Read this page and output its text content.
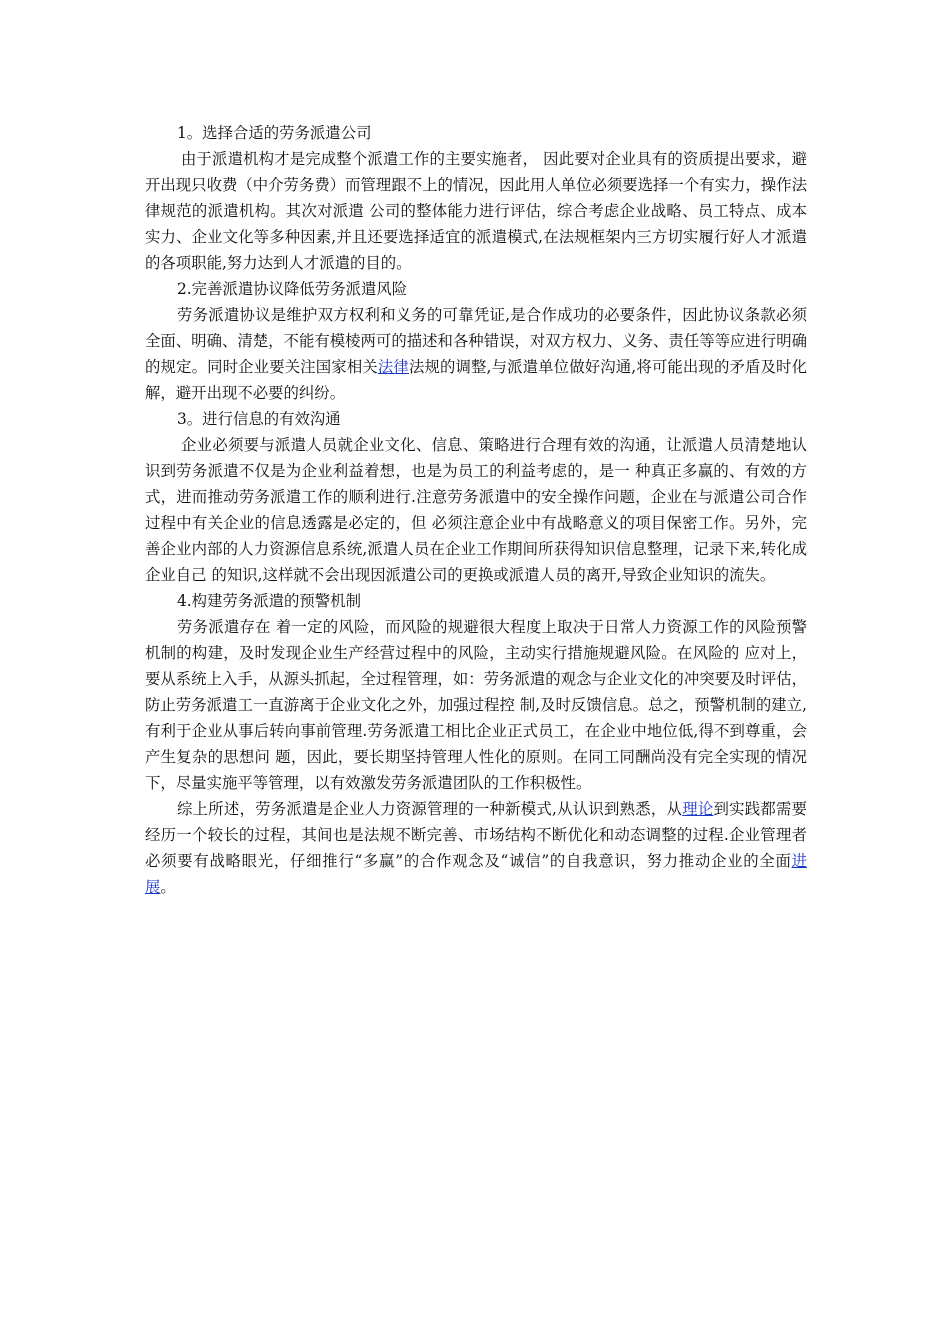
1。选择合适的劳务派遣公司

由于派遣机构才是完成整个派遣工作的主要实施者， 因此要对企业具有的资质提出要求，避开出现只收费（中介劳务费）而管理跟不上的情况，因此用人单位必须要选择一个有实力，操作法律规范的派遣机构。其次对派遣 公司的整体能力进行评估，综合考虑企业战略、员工特点、成本实力、企业文化等多种因素,并且还要选择适宜的派遣模式,在法规框架内三方切实履行好人才派遣 的各项职能,努力达到人才派遣的目的。

2.完善派遣协议降低劳务派遣风险

劳务派遣协议是维护双方权利和义务的可靠凭证,是合作成功的必要条件，因此协议条款必须全面、明确、清楚，不能有模棱两可的描述和各种错误，对双方权力、义务、责任等等应进行明确的规定。同时企业要关注国家相关法律法规的调整,与派遣单位做好沟通,将可能出现的矛盾及时化解，避开出现不必要的纠纷。

3。进行信息的有效沟通

企业必须要与派遣人员就企业文化、信息、策略进行合理有效的沟通，让派遣人员清楚地认识到劳务派遣不仅是为企业利益着想，也是为员工的利益考虑的，是一 种真正多赢的、有效的方式，进而推动劳务派遣工作的顺利进行.注意劳务派遣中的安全操作问题，企业在与派遣公司合作过程中有关企业的信息透露是必定的，但 必须注意企业中有战略意义的项目保密工作。另外，完善企业内部的人力资源信息系统,派遣人员在企业工作期间所获得知识信息整理，记录下来,转化成企业自己 的知识,这样就不会出现因派遣公司的更换或派遣人员的离开,导致企业知识的流失。

4.构建劳务派遣的预警机制

劳务派遣存在 着一定的风险，而风险的规避很大程度上取决于日常人力资源工作的风险预警机制的构建，及时发现企业生产经营过程中的风险，主动实行措施规避风险。在风险的 应对上，要从系统上入手，从源头抓起，全过程管理，如：劳务派遣的观念与企业文化的冲突要及时评估，防止劳务派遣工一直游离于企业文化之外，加强过程控 制,及时反馈信息。总之，预警机制的建立,有利于企业从事后转向事前管理.劳务派遣工相比企业正式员工，在企业中地位低,得不到尊重，会产生复杂的思想问 题，因此，要长期坚持管理人性化的原则。在同工同酬尚没有完全实现的情况下，尽量实施平等管理，以有效激发劳务派遣团队的工作积极性。

综上所述，劳务派遣是企业人力资源管理的一种新模式,从认识到熟悉，从理论到实践都需要经历一个较长的过程，其间也是法规不断完善、市场结构不断优化和动态调整的过程.企业管理者必须要有战略眼光，仔细推行“多赢”的合作观念及“诚信”的自我意识，努力推动企业的全面进展。
